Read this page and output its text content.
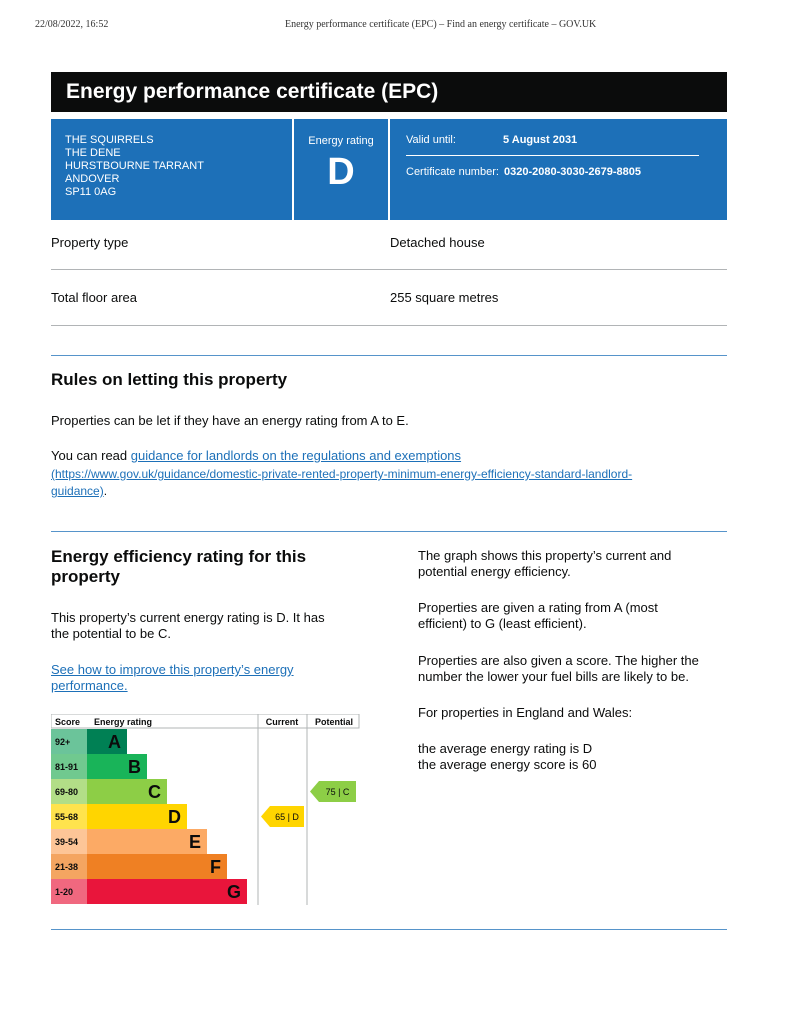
22/08/2022, 16:52	Energy performance certificate (EPC) – Find an energy certificate – GOV.UK
Energy performance certificate (EPC)
THE SQUIRRELS
THE DENE
HURSTBOURNE TARRANT
ANDOVER
SP11 0AG
Energy rating
D
Valid until:	5 August 2031
Certificate number: 0320-2080-3030-2679-8805
Property type	Detached house
Total floor area	255 square metres
Rules on letting this property

Properties can be let if they have an energy rating from A to E.

You can read guidance for landlords on the regulations and exemptions
(https://www.gov.uk/guidance/domestic-private-rented-property-minimum-energy-efficiency-standard-landlord-
guidance).
Energy efficiency rating for this
property
This property’s current energy rating is D. It has
the potential to be C.
See how to improve this property’s energy
performance.
The graph shows this property’s current and
potential energy efficiency.
Properties are given a rating from A (most
efficient) to G (least efficient).
Properties are also given a score. The higher the
number the lower your fuel bills are likely to be.
For properties in England and Wales:
the average energy rating is D
the average energy score is 60
Score Energy rating	Current Potential
92+ A
81-91	B
69-80	C
55-68	D
39-54	E
21-38	F
1-20	G
65 | D
75 | C
